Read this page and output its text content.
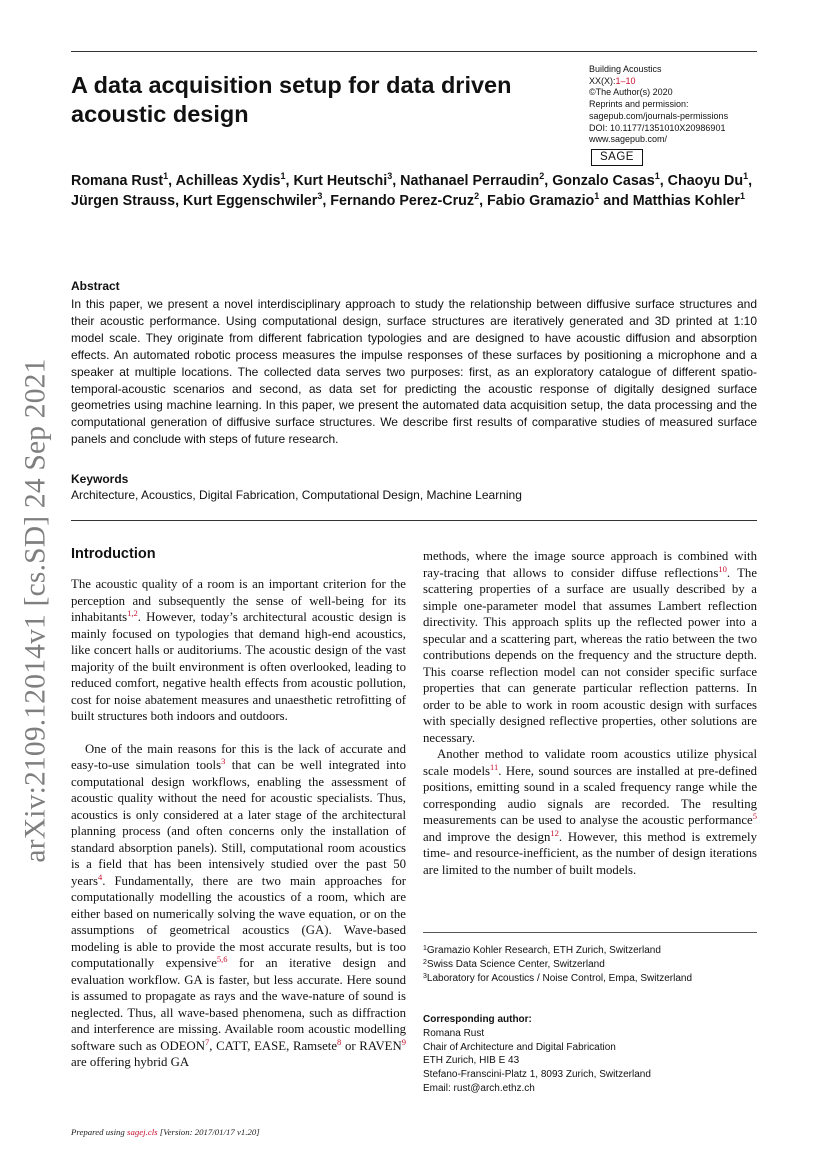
arXiv:2109.12014v1 [cs.SD] 24 Sep 2021
A data acquisition setup for data driven acoustic design
Building Acoustics
XX(X):1–10
©The Author(s) 2020
Reprints and permission:
sagepub.com/journals-permissions
DOI: 10.1177/1351010X20986901
www.sagepub.com/
SAGE
Romana Rust$^1$, Achilleas Xydis$^1$, Kurt Heutschi$^3$, Nathanael Perraudin$^2$, Gonzalo Casas$^1$, Chaoyu Du$^1$, Jürgen Strauss, Kurt Eggenschwiler$^3$, Fernando Perez-Cruz$^2$, Fabio Gramazio$^1$ and Matthias Kohler$^1$
Abstract
In this paper, we present a novel interdisciplinary approach to study the relationship between diffusive surface structures and their acoustic performance. Using computational design, surface structures are iteratively generated and 3D printed at 1:10 model scale. They originate from different fabrication typologies and are designed to have acoustic diffusion and absorption effects. An automated robotic process measures the impulse responses of these surfaces by positioning a microphone and a speaker at multiple locations. The collected data serves two purposes: first, as an exploratory catalogue of different spatio-temporal-acoustic scenarios and second, as data set for predicting the acoustic response of digitally designed surface geometries using machine learning. In this paper, we present the automated data acquisition setup, the data processing and the computational generation of diffusive surface structures. We describe first results of comparative studies of measured surface panels and conclude with steps of future research.
Keywords
Architecture, Acoustics, Digital Fabrication, Computational Design, Machine Learning
Introduction

The acoustic quality of a room is an important criterion for the perception and subsequently the sense of well-being for its inhabitants$^{1,2}$. However, today’s architectural acoustic design is mainly focused on typologies that demand high-end acoustics, like concert halls or auditoriums. The acoustic design of the vast majority of the built environment is often overlooked, leading to reduced comfort, negative health effects from acoustic pollution, cost for noise abatement measures and unaesthetic retrofitting of built structures both indoors and outdoors.

One of the main reasons for this is the lack of accurate and easy-to-use simulation tools$^3$ that can be well integrated into computational design workflows, enabling the assessment of acoustic quality without the need for acoustic specialists. Thus, acoustics is only considered at a later stage of the architectural planning process (and often concerns only the installation of standard absorption panels). Still, computational room acoustics is a field that has been intensively studied over the past 50 years$^4$. Fundamentally, there are two main approaches for computationally modelling the acoustics of a room, which are either based on numerically solving the wave equation, or on the assumptions of geometrical acoustics (GA). Wave-based modeling is able to provide the most accurate results, but is too computationally expensive$^{5,6}$ for an iterative design and evaluation workflow. GA is faster, but less accurate. Here sound is assumed to propagate as rays and the wave-nature of sound is neglected. Thus, all wave-based phenomena, such as diffraction and interference are missing. Available room acoustic modelling software such as ODEON$^7$, CATT, EASE, Ramsete$^8$ or RAVEN$^9$ are offering hybrid GA

methods, where the image source approach is combined with ray-tracing that allows to consider diffuse reflections$^{10}$. The scattering properties of a surface are usually described by a simple one-parameter model that assumes Lambert reflection directivity. This approach splits up the reflected power into a specular and a scattering part, whereas the ratio between the two contributions depends on the frequency and the structure depth. This coarse reflection model can not consider specific surface properties that can generate particular reflection patterns. In order to be able to work in room acoustic design with surfaces with specially designed reflective properties, other solutions are necessary.

Another method to validate room acoustics utilize physical scale models$^{11}$. Here, sound sources are installed at pre-defined positions, emitting sound in a scaled frequency range while the corresponding audio signals are recorded. The resulting measurements can be used to analyse the acoustic performance$^5$ and improve the design$^{12}$. However, this method is extremely time- and resource-inefficient, as the number of design iterations are limited to the number of built models.

$^1$Gramazio Kohler Research, ETH Zurich, Switzerland
$^2$Swiss Data Science Center, Switzerland
$^3$Laboratory for Acoustics / Noise Control, Empa, Switzerland
Corresponding author:
Romana Rust
Chair of Architecture and Digital Fabrication
ETH Zurich, HIB E 43
Stefano-Franscini-Platz 1, 8093 Zurich, Switzerland
Email: rust@arch.ethz.ch
Prepared using sagej.cls [Version: 2017/01/17 v1.20]
